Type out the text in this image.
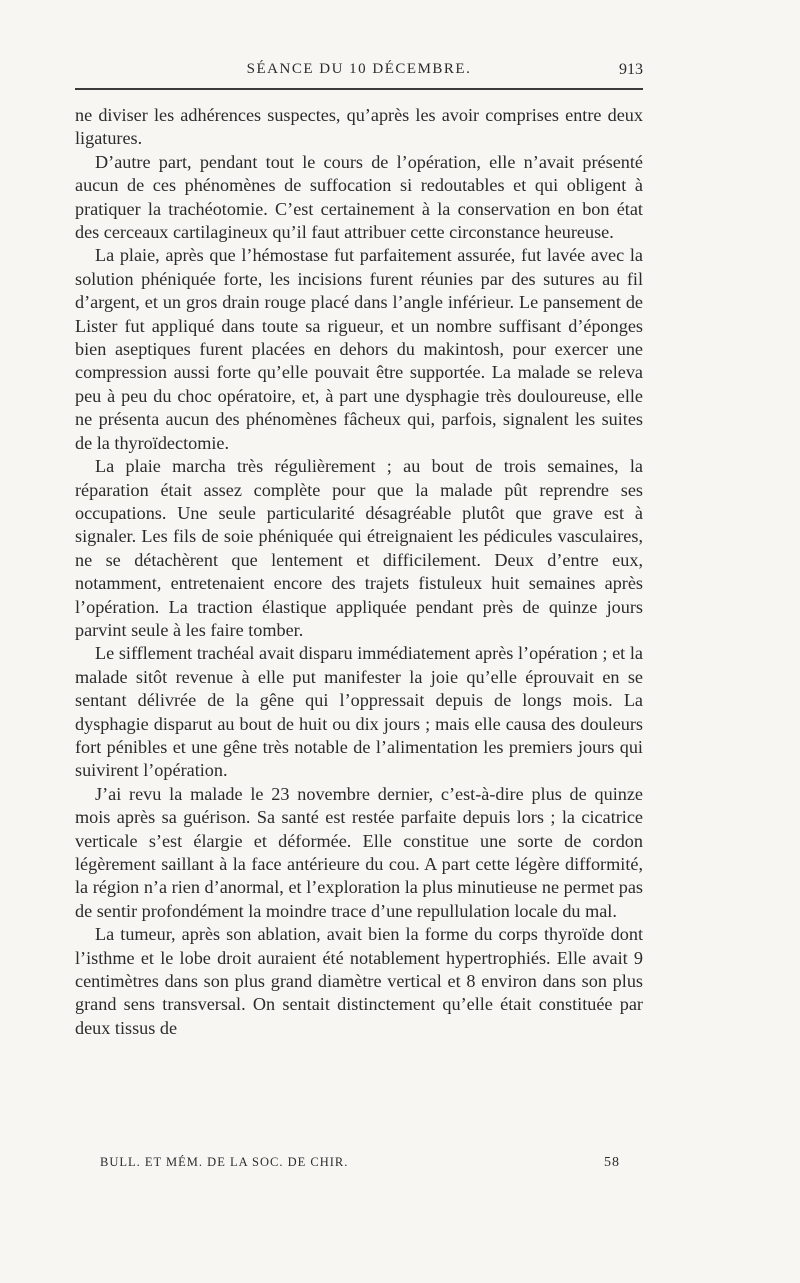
SÉANCE DU 10 DÉCEMBRE.	913

ne diviser les adhérences suspectes, qu’après les avoir comprises entre deux ligatures.

D’autre part, pendant tout le cours de l’opération, elle n’avait présenté aucun de ces phénomènes de suffocation si redoutables et qui obligent à pratiquer la trachéotomie. C’est certainement à la conservation en bon état des cerceaux cartilagineux qu’il faut attribuer cette circonstance heureuse.

La plaie, après que l’hémostase fut parfaitement assurée, fut lavée avec la solution phéniquée forte, les incisions furent réunies par des sutures au fil d’argent, et un gros drain rouge placé dans l’angle inférieur. Le pansement de Lister fut appliqué dans toute sa rigueur, et un nombre suffisant d’éponges bien aseptiques furent placées en dehors du makintosh, pour exercer une compression aussi forte qu’elle pouvait être supportée. La malade se releva peu à peu du choc opératoire, et, à part une dysphagie très douloureuse, elle ne présenta aucun des phénomènes fâcheux qui, parfois, signalent les suites de la thyroïdectomie.

La plaie marcha très régulièrement ; au bout de trois semaines, la réparation était assez complète pour que la malade pût reprendre ses occupations. Une seule particularité désagréable plutôt que grave est à signaler. Les fils de soie phéniquée qui étreignaient les pédicules vasculaires, ne se détachèrent que lentement et difficilement. Deux d’entre eux, notamment, entretenaient encore des trajets fistuleux huit semaines après l’opération. La traction élastique appliquée pendant près de quinze jours parvint seule à les faire tomber.

Le sifflement trachéal avait disparu immédiatement après l’opération ; et la malade sitôt revenue à elle put manifester la joie qu’elle éprouvait en se sentant délivrée de la gêne qui l’oppressait depuis de longs mois. La dysphagie disparut au bout de huit ou dix jours ; mais elle causa des douleurs fort pénibles et une gêne très notable de l’alimentation les premiers jours qui suivirent l’opération.

J’ai revu la malade le 23 novembre dernier, c’est-à-dire plus de quinze mois après sa guérison. Sa santé est restée parfaite depuis lors ; la cicatrice verticale s’est élargie et déformée. Elle constitue une sorte de cordon légèrement saillant à la face antérieure du cou. A part cette légère difformité, la région n’a rien d’anormal, et l’exploration la plus minutieuse ne permet pas de sentir profondément la moindre trace d’une repullulation locale du mal.

La tumeur, après son ablation, avait bien la forme du corps thyroïde dont l’isthme et le lobe droit auraient été notablement hypertrophiés. Elle avait 9 centimètres dans son plus grand diamètre vertical et 8 environ dans son plus grand sens transversal. On sentait distinctement qu’elle était constituée par deux tissus de

BULL. ET MÉM. DE LA SOC. DE CHIR.	58
